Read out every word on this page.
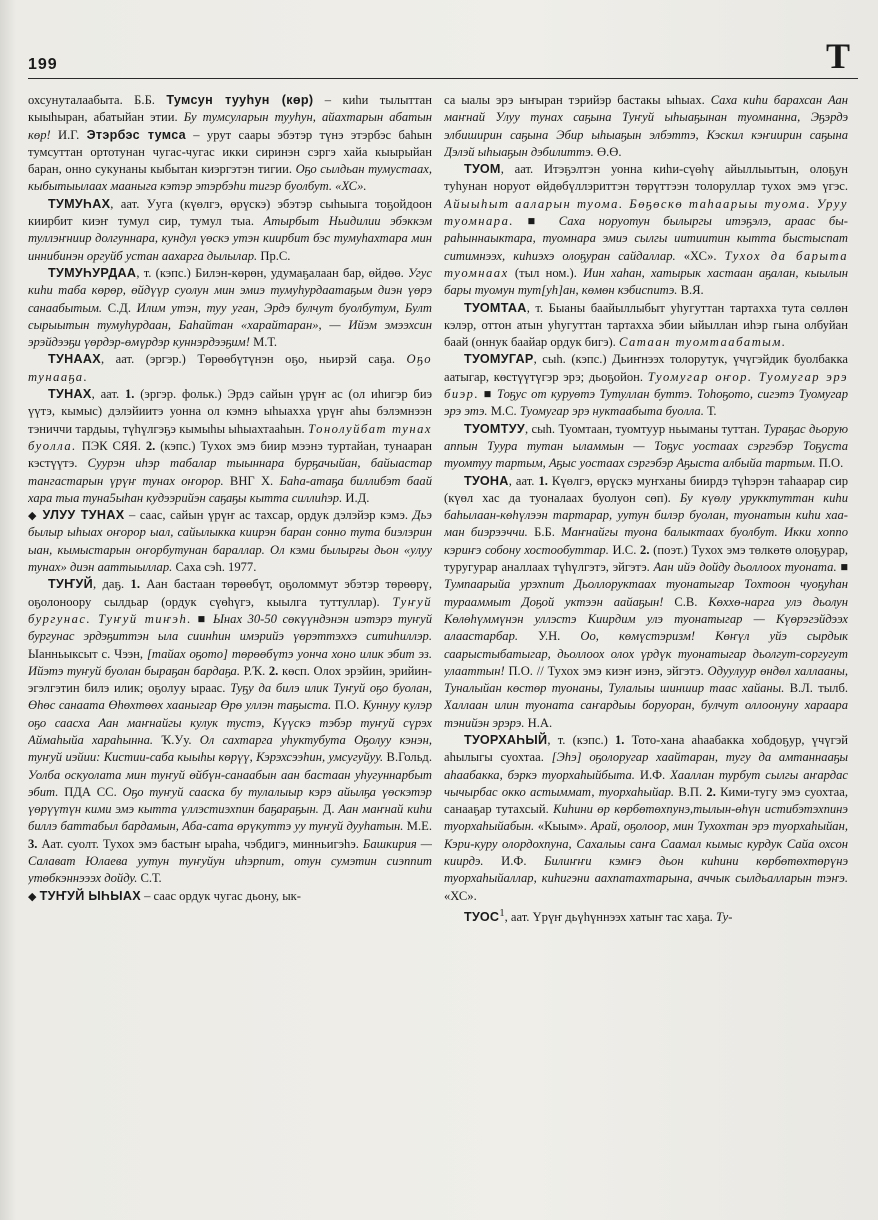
199	Т

охсунуталаабыта. Б.Б. Тумсун тууһун (көр) – киһи тылыттан кыыһыран, абатыйан этии. Бу тумсуларын тууһун, айахтарын абатын көр! И.Г. Этэрбэс тумса – урут саары эбэтэр түнэ этэрбэс баһын тумсуттан ортотунан чугас-чугас икки сиринэн сэргэ хайа кыырыйан баран, онно сукунаны кыбытан киэргэтэн тигии. Оҕо сылдьан тумустаах, кыбытыылаах мааныга кэтэр этэрбэһи тигэр буолбут. «ХС».

ТУМУҺАХ, аат. Ууга (күөлгэ, өрүскэ) эбэтэр сыһыыга тоҕойдоон киирбит киэҥ тумул сир, тумул тыа. Атырбыт Ньидилии эбэккэм туллэҥнииp долгуннара, кундул үөскэ утэн киирбит бэс тумуһахтара мин иннибинэн оргуйб устан аахарга дылылар. Пр.С.

ТУМУҺУРДАА, т. (кэпс.) Билэн-көрөн, удумаҕалаан бар, өйдөө. Угус киһи таба көрөр, өйдүүр суолун мин эмиэ тумуһурдаатаҕым диэн үөрэ санаабытым. С.Д. Илим утэн, туу уган, Эрдэ булчут буолбутум, Булт сырыытын тумуһурдаан, Баһайтан «харайтаран», — Ийэм эмээхсин эрэйдээҕи үөрдэр-өмүрдэр куннэрдээҕим! М.Т.

ТУНААХ, аат. (эргэр.) Төрөөбүтүнэн оҕо, ньирэй саҕа. Оҕо тунааҕа.

ТУНАХ, аат. 1. (эргэр. фольк.) Эрдэ сайын үрүҥ ас (ол иһигэр биэ үүтэ, кымыс) дэлэйиитэ уонна ол кэмнэ ыһыахха үрүҥ аһы бэлэмнээн тэниччи тардыы, түһүлгэҕэ кымыһы ыһыахтааһын. Тонолуйбат тунах буолла. ПЭК СЯЯ. 2. (кэпс.) Тухох эмэ биир мээнэ туртайан, тунааран кэстүүтэ. Суурэн иһэр табалар тыыннара бурҕачыйан, байыастар тангастарын үрүҥ тунах оҥорор. ВНГ X. Баһа-атаҕа биллибэт баай хара тыа туна5ыһан кудээрийэн саҕаҕы кытта силлиһэр. И.Д.

◆ УЛУУ ТУНАХ – саас, сайын үрүҥ ас тахсар, ордук дэлэйэр кэмэ. Дьэ былыр ыһыах оҥорор ыал, сайылыкка киирэн баран сонно тута биэлэрин ыан, кымыстарын оҥорбутунан бараллар. Ол кэми былырғы дьон «улуу тунах» диэн ааттыыллар. Саха сэһ. 1977.

ТУҤУЙ, даҕ. 1. Аан бастаан төрөөбүт, оҕоломмут эбэтэр төрөөрү, оҕолоноору сылдьар (ордук сүөһүгэ, кыылга туттуллар). Туҥуй бургунас. Туҥуй тиҥэһ. ■ Ынах 30-50 сөкүүндэнэн иэтэрэ туҥуй бургунас эрдэҕиттэн ыла сиинһин имэрийэ үөрэттэххэ ситиһиллэр. Ыанньыксыт с. Чээн, [тайах оҕото] төрөөбүтэ уонча хоно илик эбит эз. Ийэтэ туҥуй буолан быраҕан бардаҕа. Р.Ҡ. 2. көсп. Олох эрэйин, эрийин-эгэлгэтин билэ илик; оҕолуу ыраас. Туҕу да билэ илик Туҥуй оҕо буолан, Өһөс санаата Өһөхтөөх хааныгар Өрө уллэн таҕыста. П.О. Куннуу кулэр оҕо саасхa Аан маҥнайгы кулук тустэ, Күүскэ тэбэр туҥуй сүрэх Аймаһыйа хараһынна. Ҡ.Уу. Ол сахтарга уһуктубута Оҕолуу кэнэн, туҥуй иэйии: Кистии-саба кыыһы көрүү, Кэрэхсээһин, умсугуйуу. В.Гольд. Уолба оскуолата мин туҥуй өйбүн-санаабын аан бастаан уһугуннарбыт эбит. ПДА СС. Оҕо туҥуй сааскa бу тулалыыр кэрэ айылҕа үөскэтэр үөрүүтүн кими эмэ кытта үллэстиэхпин баҕараҕын. Д. Аан маҥнай киһи биллэ баттабыл бардамын, Аба-сата өрүкуттэ уу туҥуй дууһатын. М.Е. 3. Аат. суолт. Тухох эмэ бастыҥ ыраһа, чэбдигэ, минньигэһэ. Башкирия — Салават Юлаева уутун туҥуйун иһэрпит, отун сумэтин сиэппит утөбкэннэээх дойду. С.Т.

◆ ТУҤУЙ ЫҺЫАХ – саас ордук чугас дьону, ык-

са ыалы эрэ ыҥыран тэрийэр бастакы ыһыах. Саха киһи барахсан Аан маҥнай Улуу тунах саҕына Туҥуй ыһыаҕынан туомнанна, Эҕэрдэ элбиширин саҕына Эбир ыһыаҕын элбэттэ, Кэскил кэҥиирин саҕына Дэлэй ыһыаҕын дэбилиттэ. Ө.Ө.

ТУОМ, аат. Итэҕэлтэн уонна киһи-сүөһү айыллыытын, олоҕун туһунан норуот өйдөбүллэриттэн төрүттээн толоруллар тухох эмэ үгэс. Айыыһыт ааларын туома. Бөҕөскө таһаарыы туома. Уруу туомнара. ■ Саха норуотун былыргы итэҕэлэ, араас быраһыннаыктара, туомнара эмиэ сылгы иитиитин кытта быстыспат ситимнээх, киһиэхэ олоҕуран сайдаллар. «ХС». Тухох да барыта туомнаах (тыл ном.). Иин хаһан, хатырык хастаан аҕалан, кыылын бары туомун тут[уһ]ан, көмөн кэбиспитэ. В.Я.

ТУОМТАА, т. Быаны баайыллыбыт уһугуттан тартахха тута сөллөн кэлэр, оттон атын уһугуттан тартахха эбии ыйыллан иһэр гына олбуйан баай (оннук баайар ордук бигэ). Сатаан туомтаабатым.

ТУОМУГАР, сыһ. (кэпс.) Дьиҥнээх толорутук, үчүгэйдик буолбакка аатыгар, көстүүтүгэр эрэ; дьоҕойон. Туомугар оҥор. Туомугар эрэ биэр. ■ Тоҕус от куруөтэ Тутуллан буттэ. Тоһоҕото, сигэтэ Туомугар эрэ этэ. М.С. Туомугар эрэ нуктаабыта буолла. Т.

ТУОМТУУ, сыһ. Туомтаан, туомтуур ньыманы туттан. Тураҕас дьорую аппын Туура тутан ыламмын — Тоҕус уостаах сэргэбэр Тоҕуста туомтуу тартым, Аҕыс уостаах сэргэбэр Аҕыста албыйа тартым. П.О.

ТУОНА, аат. 1. Күөлгэ, өрүскэ муҥханы бииpдэ түһэрэн таһаарар сир (күөл хас да туоналаах буолуон сөп). Бу күөлу урукктуттан киһи баһылаан-көһүлээн тартарар, уутун билэр буолан, туонатын киһи хааман биэрээччи. Б.Б. Маҥнайгы туона балыктаах буолбут. Икки хоппо кэриҥэ собону хостообуттар. И.С. 2. (поэт.) Тухох эмэ төлкөтө олоҕурар, туругурар аналлаах түһүлгэтэ, эйгэтэ. Аан ийэ дойду дьоллоох туоната. ■ Тумпаарыйа урэхпит Дьоллоруктаах туонатыгар Тохтоон чуоҕуһан турааммыт Доҕой уктээн аайаҕын! С.В. Көххө-нарга улэ дьолун Көлөһүммүнэн уллэстэ Кииpдим улэ туонатыгар — Күөрэгэйдээх алаастарбар. У.Н. Оо, көмүстэризм! Көҥүл уйэ сырдык сааpыстыбатыгар, дьоллоох олох үрдүк туонатыгар дьолгут-соргугут улааттын! П.О. // Тухох эмэ киэҥ иэнэ, эйгэтэ. Одуулуур өндөл халлааны, Туналыйан көстөр туонаны, Тулалыы шиншир таас хайаны. В.Л. тылб. Халлаан илин туоната саҥардыы боруоран, булчут оллоонуну харaара тэнийэн эрэрэ. Н.А.

ТУОРХАҺЫЙ, т. (кэпс.) 1. Тото-хана аһаабакка хобдоҕур, үчүгэй аһылыгы суохтаа. [Эһэ] оҕолоругар хаайтаран, тугу да амтаннааҕы аһаабакка, бэркэ туорхаһыйбыта. И.Ф. Хааллан турбут сылгы аҥардас чычырбас окко астыммат, туорхаһыйар. В.П. 2. Кими-тугу эмэ суохтаа, санааҕар тутахсый. Киһини өр көрбөтөхпунэ,тылын-өһүн истибэтэхпинэ туорхаһыйабын. «Кыым». Арай, оҕолоор, мин Тухохтан эрэ туорхаһыйан, Кэри-куру олордохпуна, Сахалыы саҥа Саамал кымыс курдук Сайа охсон киирдэ. И.Ф. Билиҥҥи кэмҥэ дьон киһини көрбөтөхтөрүнэ туорхаһыйаллар, киһигэни аахпатахтарына, аччык сылдьалларын тэҥэ. «ХС».

ТУОС$^1$, аат. Үрүҥ дьүһүннээх хатыҥ тас хаҕа. Ту-
